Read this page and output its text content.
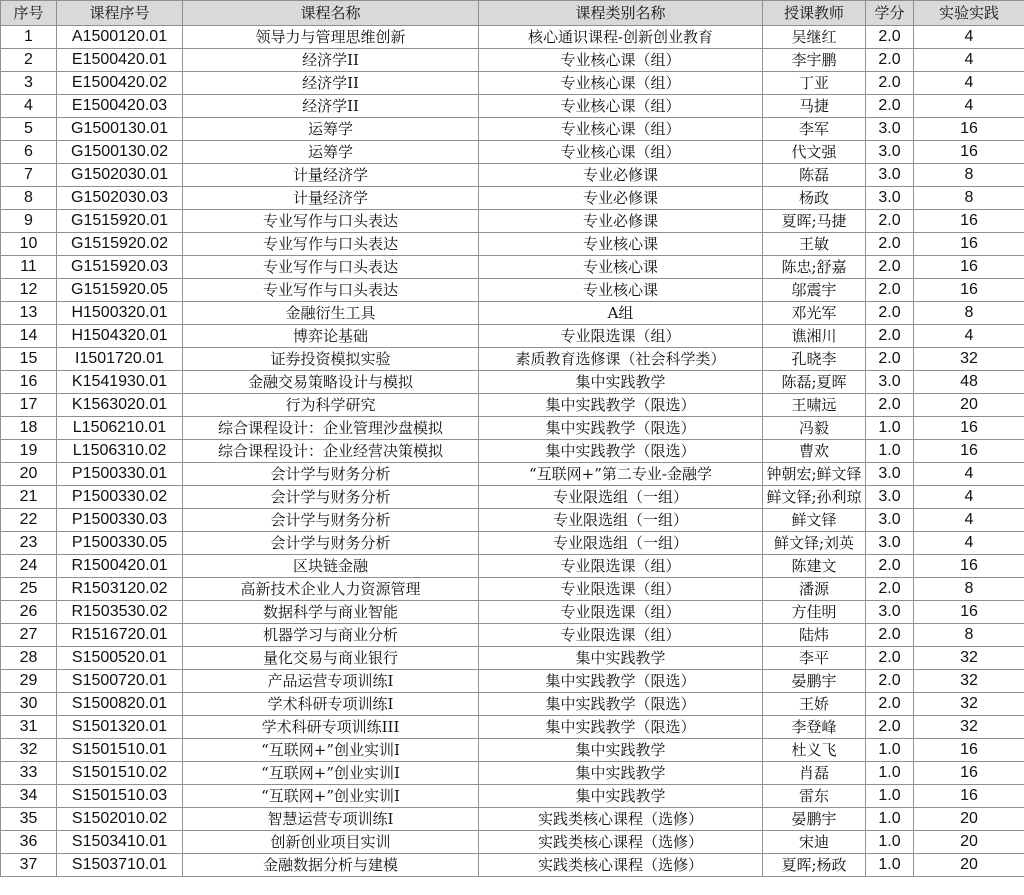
序号	课程序号	课程名称	课程类别名称	授课教师	学分	实验实践
1	A1500120.01	领导力与管理思维创新	核心通识课程-创新创业教育	吴继红	2.0	4
2	E1500420.01	经济学II	专业核心课（组）	李宇鹏	2.0	4
3	E1500420.02	经济学II	专业核心课（组）	丁亚	2.0	4
4	E1500420.03	经济学II	专业核心课（组）	马捷	2.0	4
5	G1500130.01	运筹学	专业核心课（组）	李军	3.0	16
6	G1500130.02	运筹学	专业核心课（组）	代文强	3.0	16
7	G1502030.01	计量经济学	专业必修课	陈磊	3.0	8
8	G1502030.03	计量经济学	专业必修课	杨政	3.0	8
9	G1515920.01	专业写作与口头表达	专业必修课	夏晖;马捷	2.0	16
10	G1515920.02	专业写作与口头表达	专业核心课	王敏	2.0	16
11	G1515920.03	专业写作与口头表达	专业核心课	陈忠;舒嘉	2.0	16
12	G1515920.05	专业写作与口头表达	专业核心课	邬震宇	2.0	16
13	H1500320.01	金融衍生工具	A组	邓光军	2.0	8
14	H1504320.01	博弈论基础	专业限选课（组）	谯湘川	2.0	4
15	I1501720.01	证券投资模拟实验	素质教育选修课（社会科学类）	孔晓李	2.0	32
16	K1541930.01	金融交易策略设计与模拟	集中实践教学	陈磊;夏晖	3.0	48
17	K1563020.01	行为科学研究	集中实践教学（限选）	王啸远	2.0	20
18	L1506210.01	综合课程设计：企业管理沙盘模拟	集中实践教学（限选）	冯毅	1.0	16
19	L1506310.02	综合课程设计：企业经营决策模拟	集中实践教学（限选）	曹欢	1.0	16
20	P1500330.01	会计学与财务分析	“互联网+”第二专业-金融学	钟朝宏;鲜文铎	3.0	4
21	P1500330.02	会计学与财务分析	专业限选组（一组）	鲜文铎;孙利琼	3.0	4
22	P1500330.03	会计学与财务分析	专业限选组（一组）	鲜文铎	3.0	4
23	P1500330.05	会计学与财务分析	专业限选组（一组）	鲜文铎;刘英	3.0	4
24	R1500420.01	区块链金融	专业限选课（组）	陈建文	2.0	16
25	R1503120.02	高新技术企业人力资源管理	专业限选课（组）	潘源	2.0	8
26	R1503530.02	数据科学与商业智能	专业限选课（组）	方佳明	3.0	16
27	R1516720.01	机器学习与商业分析	专业限选课（组）	陆炜	2.0	8
28	S1500520.01	量化交易与商业银行	集中实践教学	李平	2.0	32
29	S1500720.01	产品运营专项训练I	集中实践教学（限选）	晏鹏宇	2.0	32
30	S1500820.01	学术科研专项训练I	集中实践教学（限选）	王娇	2.0	32
31	S1501320.01	学术科研专项训练III	集中实践教学（限选）	李登峰	2.0	32
32	S1501510.01	“互联网+”创业实训I	集中实践教学	杜义飞	1.0	16
33	S1501510.02	“互联网+”创业实训I	集中实践教学	肖磊	1.0	16
34	S1501510.03	“互联网+”创业实训I	集中实践教学	雷东	1.0	16
35	S1502010.02	智慧运营专项训练I	实践类核心课程（选修）	晏鹏宇	1.0	20
36	S1503410.01	创新创业项目实训	实践类核心课程（选修）	宋迪	1.0	20
37	S1503710.01	金融数据分析与建模	实践类核心课程（选修）	夏晖;杨政	1.0	20
